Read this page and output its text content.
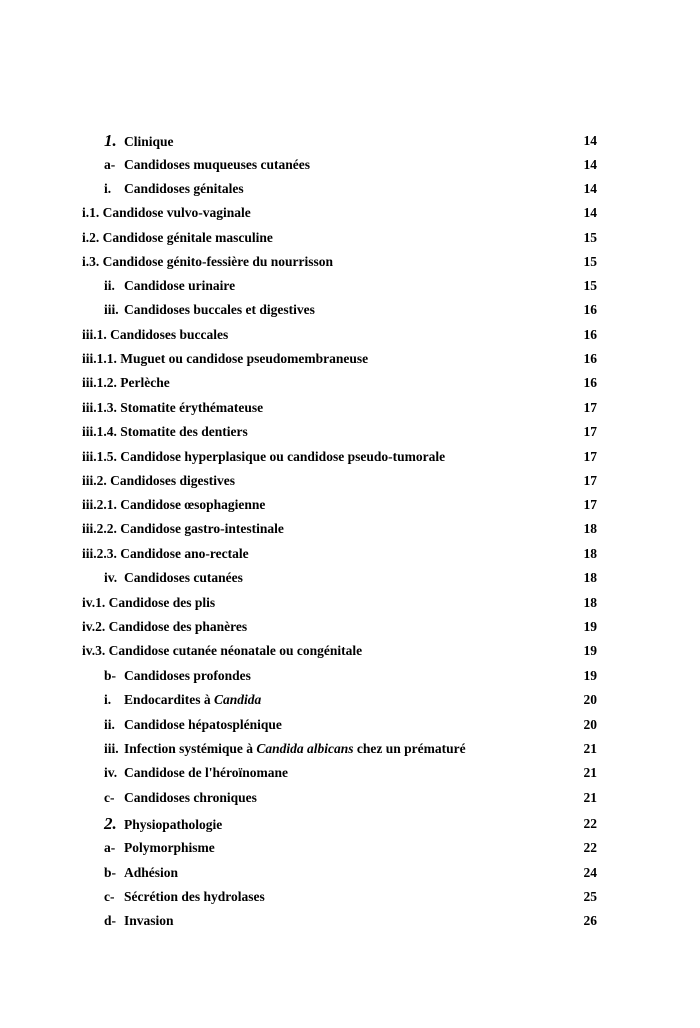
1. Clinique	14
a- Candidoses muqueuses cutanées	14
i. Candidoses génitales	14
i.1. Candidose vulvo-vaginale	14
i.2. Candidose génitale masculine	15
i.3. Candidose génito-fessière du nourrisson	15
ii. Candidose urinaire	15
iii. Candidoses buccales et digestives	16
iii.1. Candidoses buccales	16
iii.1.1. Muguet ou candidose pseudomembraneuse	16
iii.1.2. Perlèche	16
iii.1.3. Stomatite érythémateuse	17
iii.1.4. Stomatite des dentiers	17
iii.1.5. Candidose hyperplasique ou candidose pseudo-tumorale	17
iii.2. Candidoses digestives	17
iii.2.1. Candidose œsophagienne	17
iii.2.2. Candidose gastro-intestinale	18
iii.2.3. Candidose ano-rectale	18
iv. Candidoses cutanées	18
iv.1. Candidose des plis	18
iv.2. Candidose des phanères	19
iv.3. Candidose cutanée néonatale ou congénitale	19
b- Candidoses profondes	19
i. Endocardites à Candida	20
ii. Candidose hépatosplénique	20
iii. Infection systémique à Candida albicans chez un prématuré	21
iv. Candidose de l'héroïnomane	21
c- Candidoses chroniques	21
2. Physiopathologie	22
a- Polymorphisme	22
b- Adhésion	24
c- Sécrétion des hydrolases	25
d- Invasion	26
